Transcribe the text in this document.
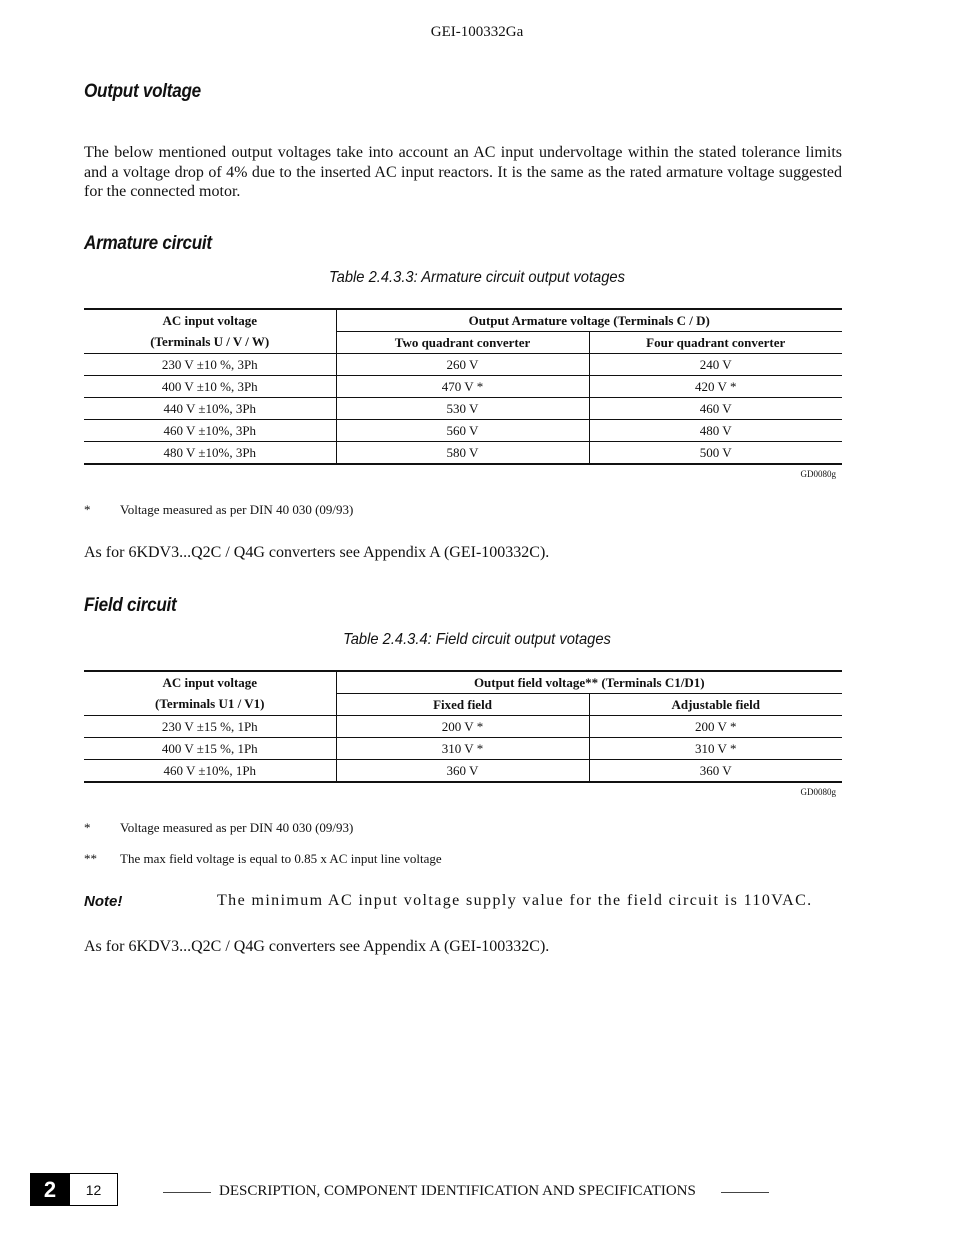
GEI-100332Ga
Output voltage
The below mentioned output voltages take into account an AC input undervoltage within the stated tolerance limits and a voltage drop of 4% due to the inserted AC input reactors. It is the same as the rated armature voltage suggested for the connected motor.
Armature circuit
Table 2.4.3.3: Armature circuit output votages
AC input voltage	Output Armature voltage (Terminals C / D)	
(Terminals U / V / W)	Two quadrant converter	Four quadrant converter
230 V ±10 %, 3Ph	260 V	240 V
400 V ±10 %, 3Ph	470 V *	420 V *
440 V ±10%, 3Ph	530 V	460 V
460 V ±10%, 3Ph	560 V	480 V
480 V ±10%, 3Ph	580 V	500 V
GD0080g
* Voltage measured as per DIN 40 030 (09/93)
As for 6KDV3...Q2C / Q4G converters see Appendix A (GEI-100332C).
Field circuit
Table 2.4.3.4: Field circuit output votages
AC input voltage	Output field voltage** (Terminals C1/D1)	
(Terminals U1 / V1)	Fixed field	Adjustable field
230 V ±15 %, 1Ph	200 V *	200 V *
400 V ±15 %, 1Ph	310 V *	310 V *
460 V ±10%, 1Ph	360 V	360 V
GD0080g
* Voltage measured as per DIN 40 030 (09/93)
** The max field voltage is equal to 0.85 x AC input line voltage
Note!	The minimum AC input voltage supply value for the field circuit is 110VAC.
As for 6KDV3...Q2C / Q4G converters see Appendix A (GEI-100332C).
2	12	DESCRIPTION, COMPONENT IDENTIFICATION AND SPECIFICATIONS
